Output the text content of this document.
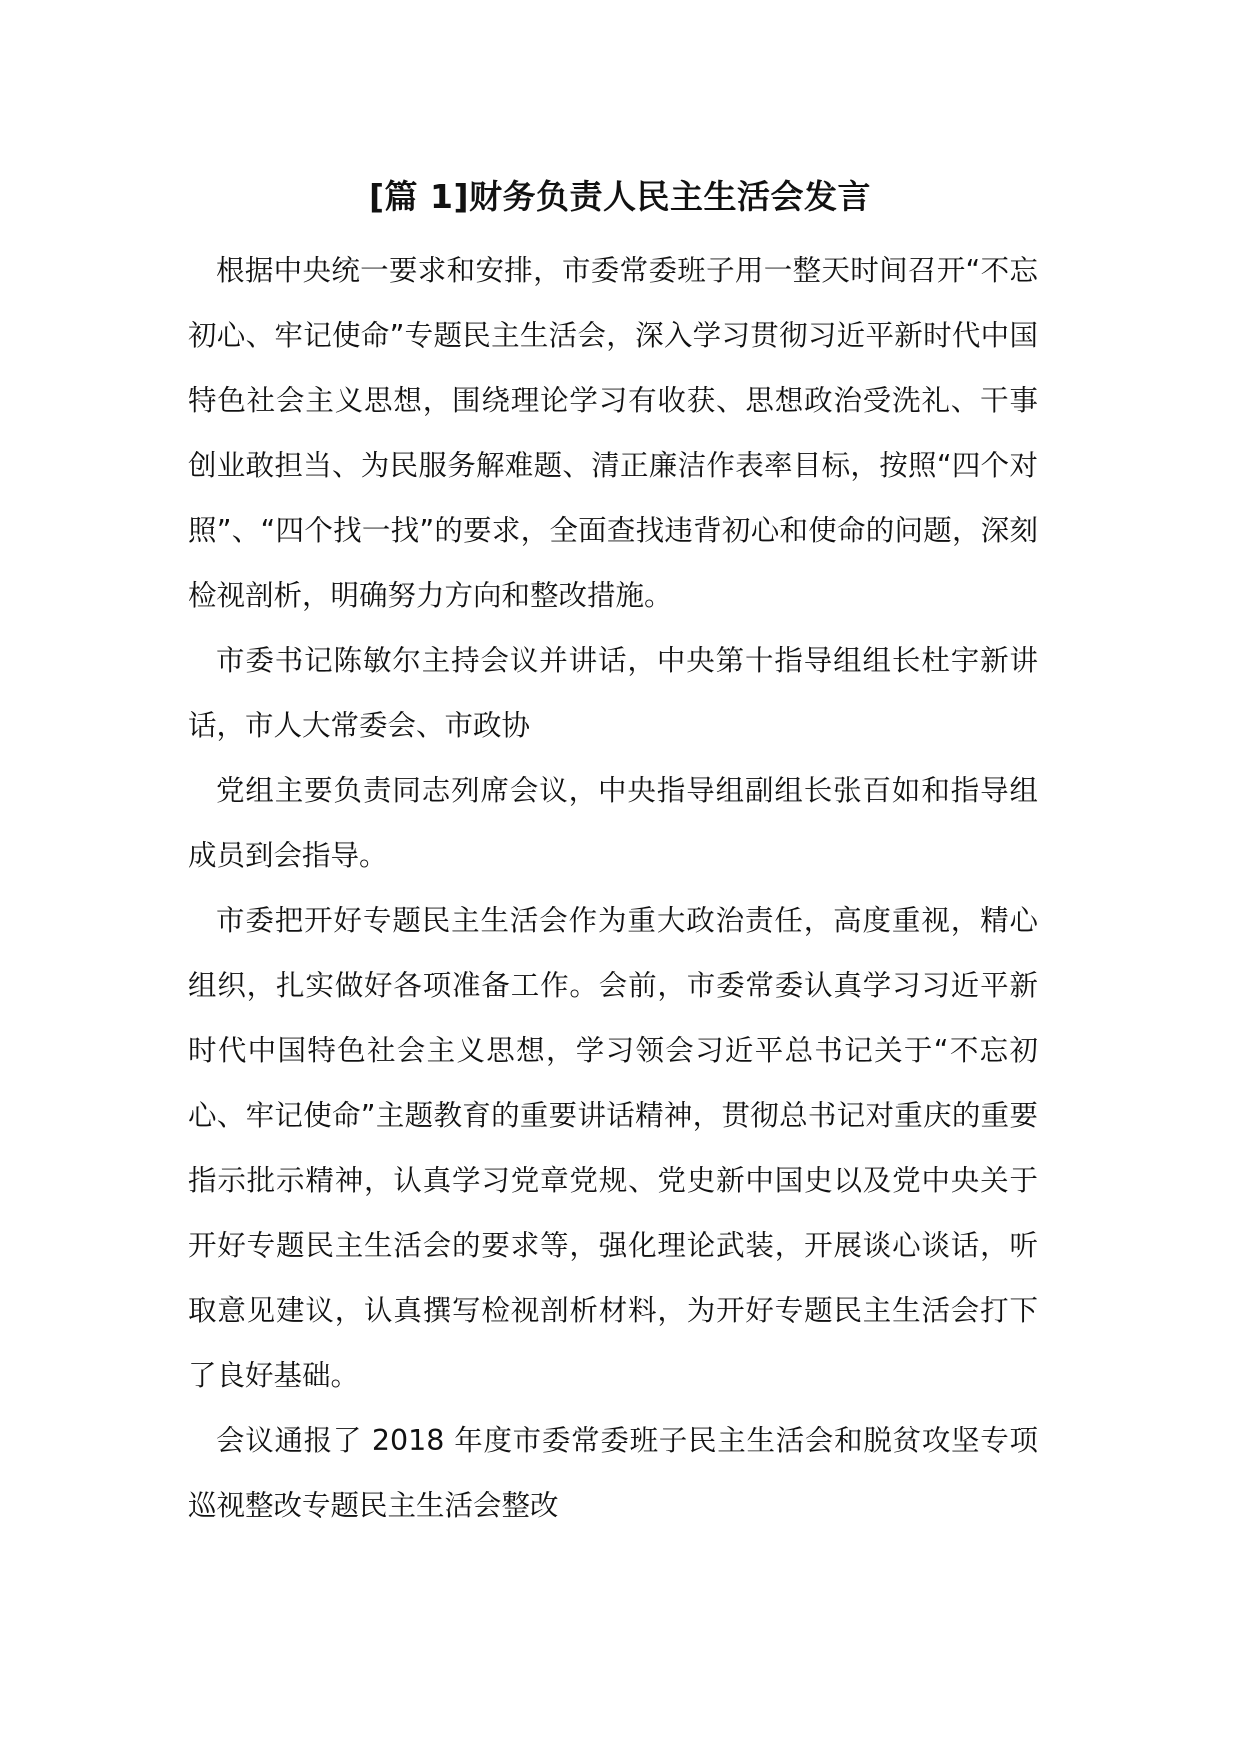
[篇 1]财务负责人民主生活会发言

根据中央统一要求和安排，市委常委班子用一整天时间召开“不忘初心、牢记使命”专题民主生活会，深入学习贯彻习近平新时代中国特色社会主义思想，围绕理论学习有收获、思想政治受洗礼、干事创业敢担当、为民服务解难题、清正廉洁作表率目标，按照“四个对照”、“四个找一找”的要求，全面查找违背初心和使命的问题，深刻检视剖析，明确努力方向和整改措施。

市委书记陈敏尔主持会议并讲话，中央第十指导组组长杜宇新讲话，市人大常委会、市政协

党组主要负责同志列席会议，中央指导组副组长张百如和指导组成员到会指导。

市委把开好专题民主生活会作为重大政治责任，高度重视，精心组织，扎实做好各项准备工作。会前，市委常委认真学习习近平新时代中国特色社会主义思想，学习领会习近平总书记关于“不忘初心、牢记使命”主题教育的重要讲话精神，贯彻总书记对重庆的重要指示批示精神，认真学习党章党规、党史新中国史以及党中央关于开好专题民主生活会的要求等，强化理论武装，开展谈心谈话，听取意见建议，认真撰写检视剖析材料，为开好专题民主生活会打下了良好基础。

会议通报了 2018 年度市委常委班子民主生活会和脱贫攻坚专项巡视整改专题民主生活会整改
